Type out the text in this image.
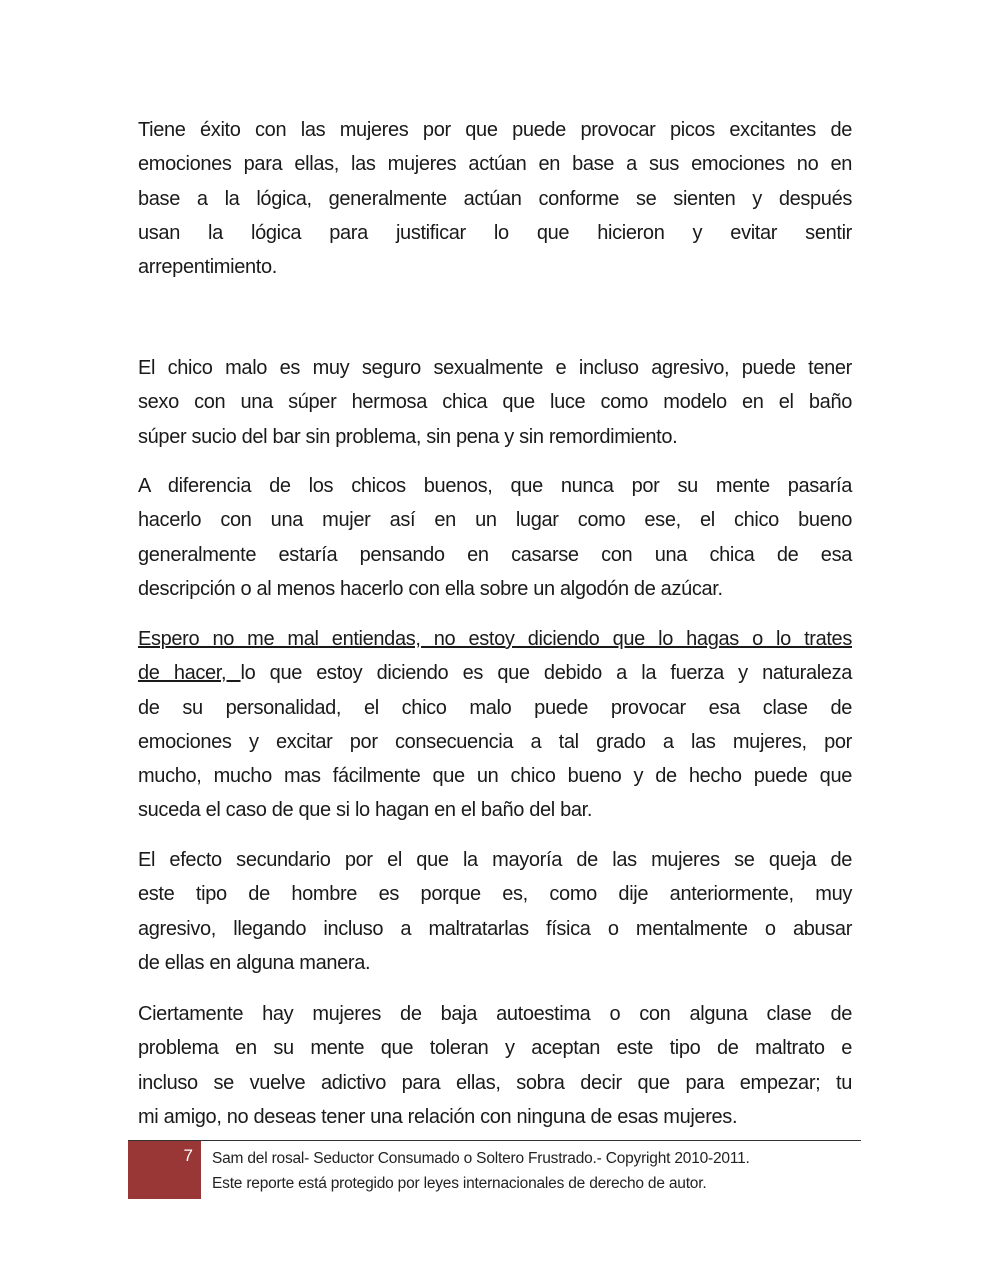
Tiene éxito con las mujeres por que puede provocar picos excitantes de
emociones para ellas, las mujeres actúan en base a sus emociones no en
base a la lógica, generalmente actúan conforme se sienten y después
usan la lógica para justificar lo que hicieron y evitar sentir
arrepentimiento.
El chico malo es muy seguro sexualmente e incluso agresivo, puede tener
sexo con una súper hermosa chica que luce como modelo en el baño
súper sucio del bar sin problema, sin pena y sin remordimiento.
A diferencia de los chicos buenos, que nunca por su mente pasaría
hacerlo con una mujer así en un lugar como ese, el chico bueno
generalmente estaría pensando en casarse con una chica de esa
descripción o al menos hacerlo con ella sobre un algodón de azúcar.
Espero no me mal entiendas, no estoy diciendo que lo hagas o lo trates
de hacer, lo que estoy diciendo es que debido a la fuerza y naturaleza
de su personalidad, el chico malo puede provocar esa clase de
emociones y excitar por consecuencia a tal grado a las mujeres, por
mucho, mucho mas fácilmente que un chico bueno y de hecho puede que
suceda el caso de que si lo hagan en el baño del bar.
El efecto secundario por el que la mayoría de las mujeres se queja de
este tipo de hombre es porque es, como dije anteriormente, muy
agresivo, llegando incluso a maltratarlas física o mentalmente o abusar
de ellas en alguna manera.
Ciertamente hay mujeres de baja autoestima o con alguna clase de
problema en su mente que toleran y aceptan este tipo de maltrato e
incluso se vuelve adictivo para ellas, sobra decir que para empezar; tu
mi amigo, no deseas tener una relación con ninguna de esas mujeres.
7 Sam del rosal- Seductor Consumado o Soltero Frustrado.- Copyright 2010-2011.
Este reporte está protegido por leyes internacionales de derecho de autor.
